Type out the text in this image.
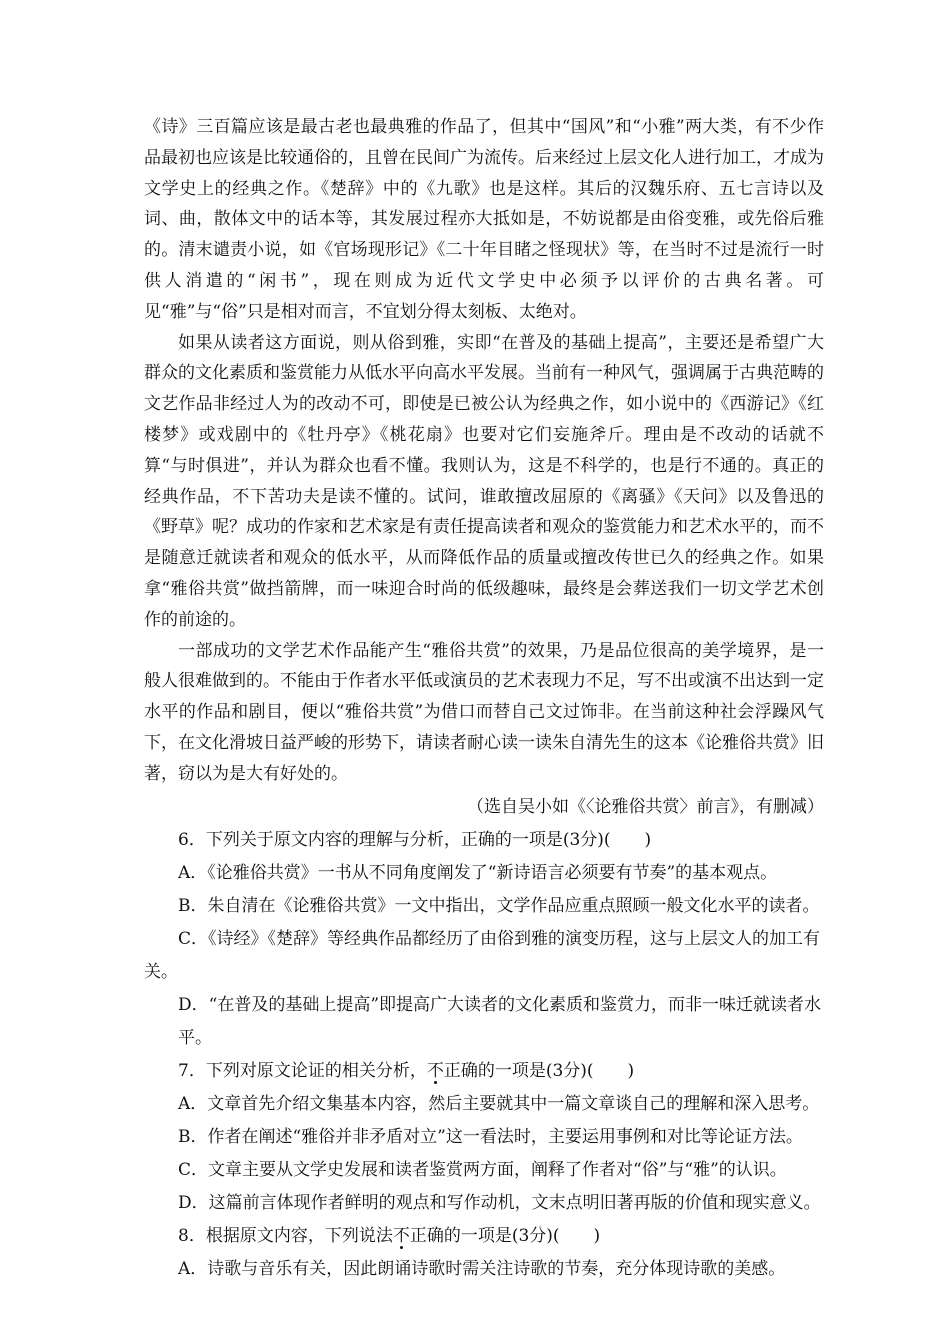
《诗》三百篇应该是最古老也最典雅的作品了，但其中“国风”和“小雅”两大类，有不少作品最初也应该是比较通俗的，且曾在民间广为流传。后来经过上层文化人进行加工，才成为文学史上的经典之作。《楚辞》中的《九歌》也是这样。其后的汉魏乐府、五七言诗以及词、曲，散体文中的话本等，其发展过程亦大抵如是，不妨说都是由俗变雅，或先俗后雅的。清末谴责小说，如《官场现形记》《二十年目睹之怪现状》等，在当时不过是流行一时供人消遣的“闲书”，现在则成为近代文学史中必须予以评价的古典名著。可见“雅”与“俗”只是相对而言，不宜划分得太刻板、太绝对。

如果从读者这方面说，则从俗到雅，实即“在普及的基础上提高”，主要还是希望广大群众的文化素质和鉴赏能力从低水平向高水平发展。当前有一种风气，强调属于古典范畴的文艺作品非经过人为的改动不可，即使是已被公认为经典之作，如小说中的《西游记》《红楼梦》或戏剧中的《牡丹亭》《桃花扇》也要对它们妄施斧斤。理由是不改动的话就不算“与时俱进”，并认为群众也看不懂。我则认为，这是不科学的，也是行不通的。真正的经典作品，不下苦功夫是读不懂的。试问，谁敢擅改屈原的《离骚》《天问》以及鲁迅的《野草》呢？成功的作家和艺术家是有责任提高读者和观众的鉴赏能力和艺术水平的，而不是随意迁就读者和观众的低水平，从而降低作品的质量或擅改传世已久的经典之作。如果拿“雅俗共赏”做挡箭牌，而一味迎合时尚的低级趣味，最终是会葬送我们一切文学艺术创作的前途的。

一部成功的文学艺术作品能产生“雅俗共赏”的效果，乃是品位很高的美学境界，是一般人很难做到的。不能由于作者水平低或演员的艺术表现力不足，写不出或演不出达到一定水平的作品和剧目，便以“雅俗共赏”为借口而替自己文过饰非。在当前这种社会浮躁风气下，在文化滑坡日益严峻的形势下，请读者耐心读一读朱自清先生的这本《论雅俗共赏》旧著，窃以为是大有好处的。

（选自吴小如《〈论雅俗共赏〉前言》，有删减）

6．下列关于原文内容的理解与分析，正确的一项是(3分)(　　)

A．《论雅俗共赏》一书从不同角度阐发了“新诗语言必须要有节奏”的基本观点。

B．朱自清在《论雅俗共赏》一文中指出，文学作品应重点照顾一般文化水平的读者。

C．《诗经》《楚辞》等经典作品都经历了由俗到雅的演变历程，这与上层文人的加工有关。

D．“在普及的基础上提高”即提高广大读者的文化素质和鉴赏力，而非一味迁就读者水平。

7．下列对原文论证的相关分析，不正确的一项是(3分)(　　)

A．文章首先介绍文集基本内容，然后主要就其中一篇文章谈自己的理解和深入思考。

B．作者在阐述“雅俗并非矛盾对立”这一看法时，主要运用事例和对比等论证方法。

C．文章主要从文学史发展和读者鉴赏两方面，阐释了作者对“俗”与“雅”的认识。

D．这篇前言体现作者鲜明的观点和写作动机，文末点明旧著再版的价值和现实意义。

8．根据原文内容，下列说法不正确的一项是(3分)(　　)

A．诗歌与音乐有关，因此朗诵诗歌时需关注诗歌的节奏，充分体现诗歌的美感。
